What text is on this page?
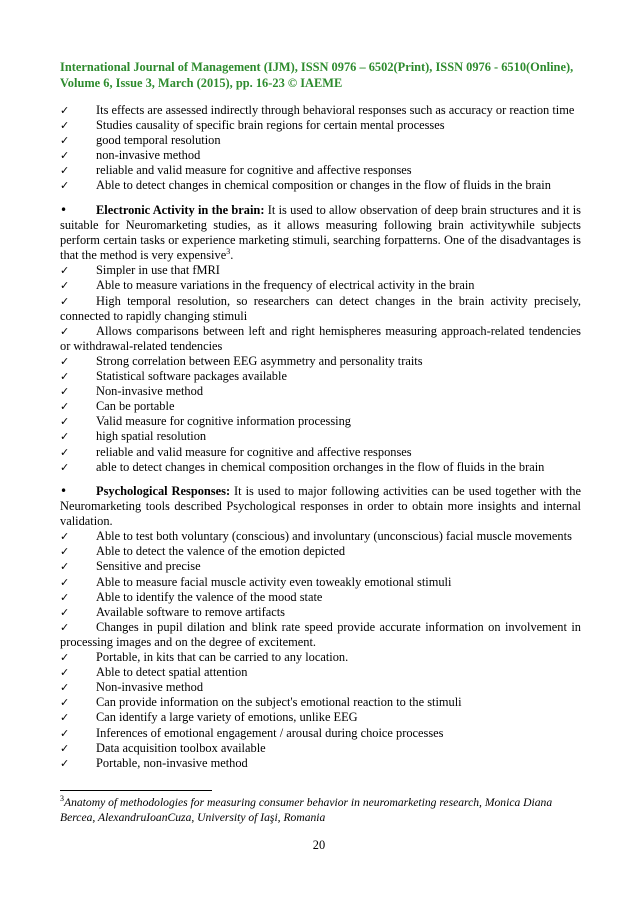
International Journal of Management (IJM), ISSN 0976 – 6502(Print), ISSN 0976 - 6510(Online),
Volume 6, Issue 3, March (2015), pp. 16-23 © IAEME
✓	Its effects are assessed indirectly through behavioral responses such as accuracy or reaction time
✓	Studies causality of specific brain regions for certain mental processes
✓	good temporal resolution
✓	non-invasive method
✓	reliable and valid measure for cognitive and affective responses
✓	Able to detect changes in chemical composition or changes in the flow of fluids in the brain
• Electronic Activity in the brain: It is used to allow observation of deep brain structures and it is suitable for Neuromarketing studies, as it allows measuring following brain activitywhile subjects perform certain tasks or experience marketing stimuli, searching forpatterns. One of the disadvantages is that the method is very expensive$^3$.
✓	Simpler in use that fMRI
✓	Able to measure variations in the frequency of electrical activity in the brain
✓	High temporal resolution, so researchers can detect changes in the brain activity precisely, connected to rapidly changing stimuli
✓	Allows comparisons between left and right hemispheres measuring approach-related tendencies or withdrawal-related tendencies
✓	Strong correlation between EEG asymmetry and personality traits
✓	Statistical software packages available
✓	Non-invasive method
✓	Can be portable
✓	Valid measure for cognitive information processing
✓	high spatial resolution
✓	reliable and valid measure for cognitive and affective responses
✓	able to detect changes in chemical composition orchanges in the flow of fluids in the brain
• Psychological Responses: It is used to major following activities can be used together with the Neuromarketing tools described Psychological responses in order to obtain more insights and internal validation.
✓	Able to test both voluntary (conscious) and involuntary (unconscious) facial muscle movements
✓	Able to detect the valence of the emotion depicted
✓	Sensitive and precise
✓	Able to measure facial muscle activity even toweakly emotional stimuli
✓	Able to identify the valence of the mood state
✓	Available software to remove artifacts
✓	Changes in pupil dilation and blink rate speed provide accurate information on involvement in processing images and on the degree of excitement.
✓	Portable, in kits that can be carried to any location.
✓	Able to detect spatial attention
✓	Non-invasive method
✓	Can provide information on the subject's emotional reaction to the stimuli
✓	Can identify a large variety of emotions, unlike EEG
✓	Inferences of emotional engagement / arousal during choice processes
✓	Data acquisition toolbox available
✓	Portable, non-invasive method
$^3$Anatomy of methodologies for measuring consumer behavior in neuromarketing research, Monica Diana Bercea, AlexandruIoanCuza, University of Iaşi, Romania
20
